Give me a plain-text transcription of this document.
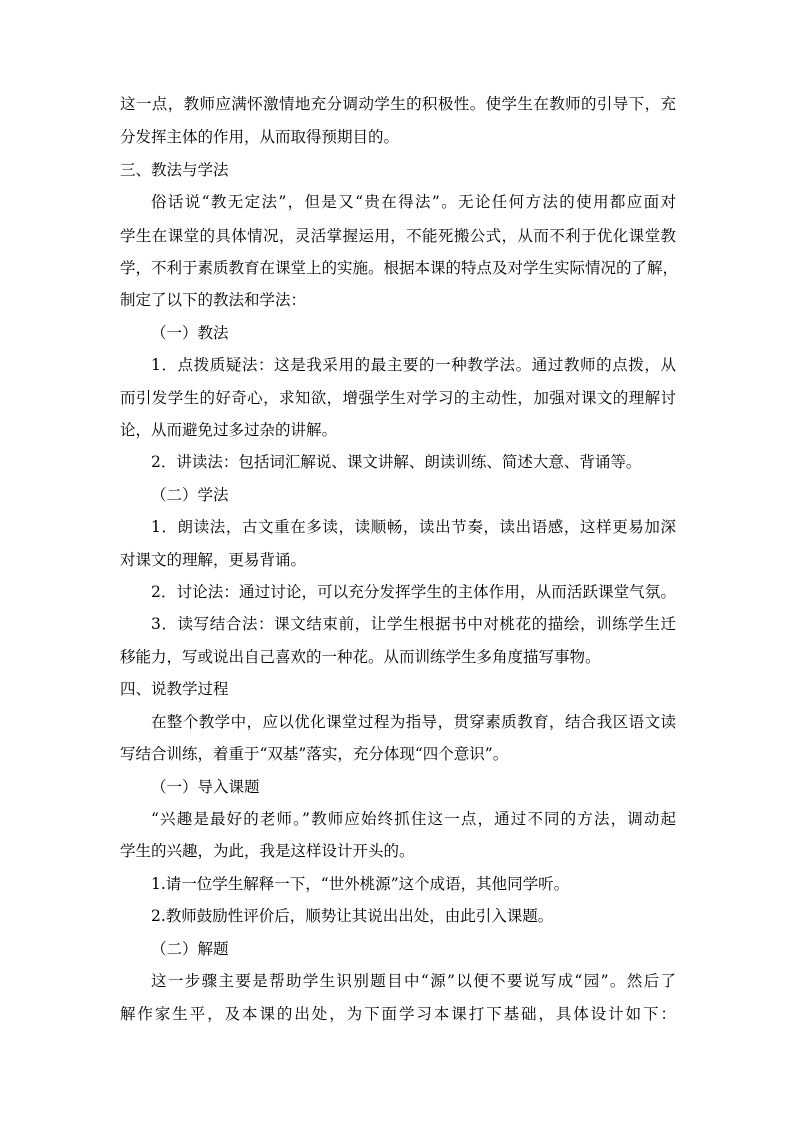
这一点，教师应满怀激情地充分调动学生的积极性。使学生在教师的引导下，充
分发挥主体的作用，从而取得预期目的。
三、教法与学法
俗话说“教无定法”，但是又“贵在得法”。无论任何方法的使用都应面对
学生在课堂的具体情况，灵活掌握运用，不能死搬公式，从而不利于优化课堂教
学，不利于素质教育在课堂上的实施。根据本课的特点及对学生实际情况的了解，
制定了以下的教法和学法：
（一）教法
1．点拨质疑法：这是我采用的最主要的一种教学法。通过教师的点拨，从
而引发学生的好奇心，求知欲，增强学生对学习的主动性，加强对课文的理解讨
论，从而避免过多过杂的讲解。
2．讲读法：包括词汇解说、课文讲解、朗读训练、简述大意、背诵等。
（二）学法
1．朗读法，古文重在多读，读顺畅，读出节奏，读出语感，这样更易加深
对课文的理解，更易背诵。
2．讨论法：通过讨论，可以充分发挥学生的主体作用，从而活跃课堂气氛。
3．读写结合法：课文结束前，让学生根据书中对桃花的描绘，训练学生迁
移能力，写或说出自己喜欢的一种花。从而训练学生多角度描写事物。
四、说教学过程
在整个教学中，应以优化课堂过程为指导，贯穿素质教育，结合我区语文读
写结合训练，着重于“双基”落实，充分体现“四个意识”。
（一）导入课题
“兴趣是最好的老师。”教师应始终抓住这一点，通过不同的方法，调动起
学生的兴趣，为此，我是这样设计开头的。
1.请一位学生解释一下，“世外桃源”这个成语，其他同学听。
2.教师鼓励性评价后，顺势让其说出出处，由此引入课题。
（二）解题
这一步骤主要是帮助学生识别题目中“源”以便不要说写成“园”。然后了
解作家生平，及本课的出处，为下面学习本课打下基础，具体设计如下：
